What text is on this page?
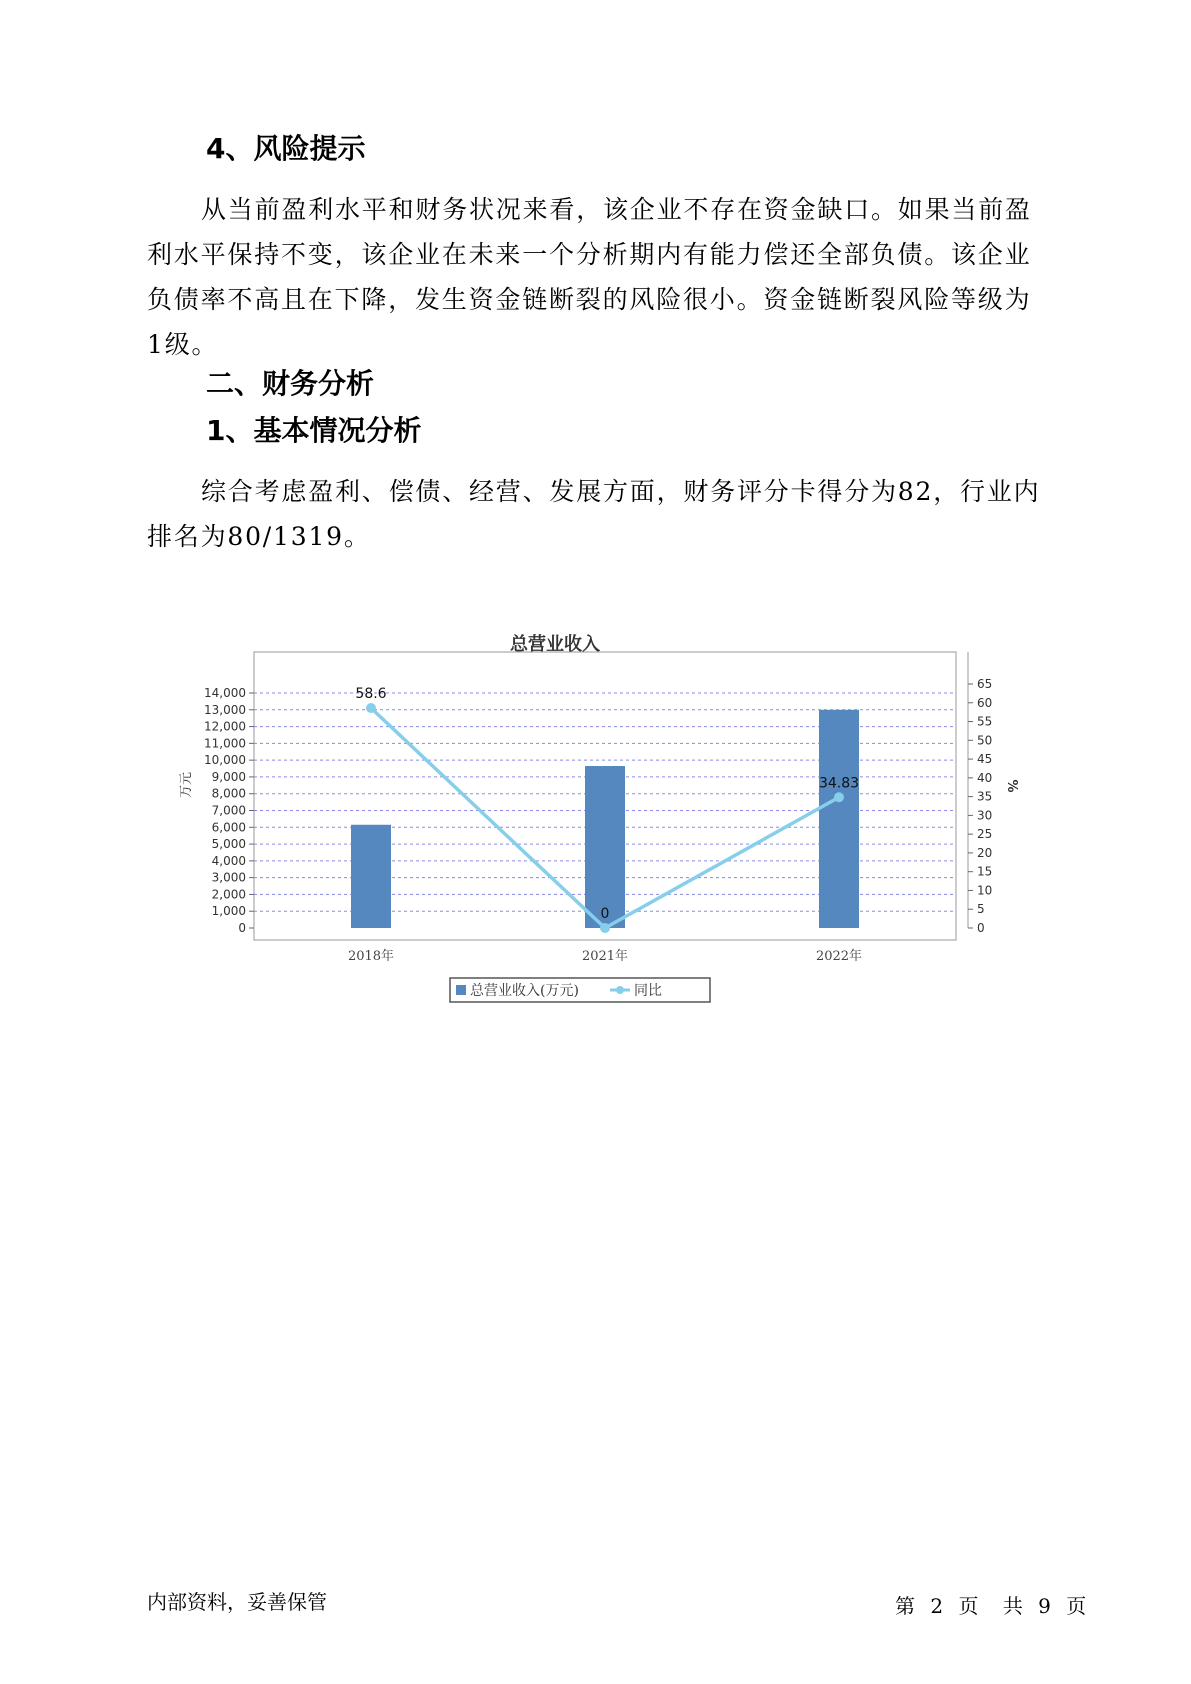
4、风险提示

从当前盈利水平和财务状况来看，该企业不存在资金缺口。如果当前盈利水平保持不变，该企业在未来一个分析期内有能力偿还全部负债。该企业负债率不高且在下降，发生资金链断裂的风险很小。资金链断裂风险等级为1级。

二、财务分析
1、基本情况分析

综合考虑盈利、偿债、经营、发展方面，财务评分卡得分为82，行业内排名为80/1319。

总营业收入
0
1,000
2,000
3,000
4,000
5,000
6,000
7,000
8,000
9,000
10,000
11,000
12,000
13,000
14,000
0
5
10
15
20
25
30
35
40
45
50
55
60
65
万元	%
2018年	2021年	2022年
58.6
0
34.83
总营业收入(万元)	同比
内部资料，妥善保管	第 2 页 共 9 页
